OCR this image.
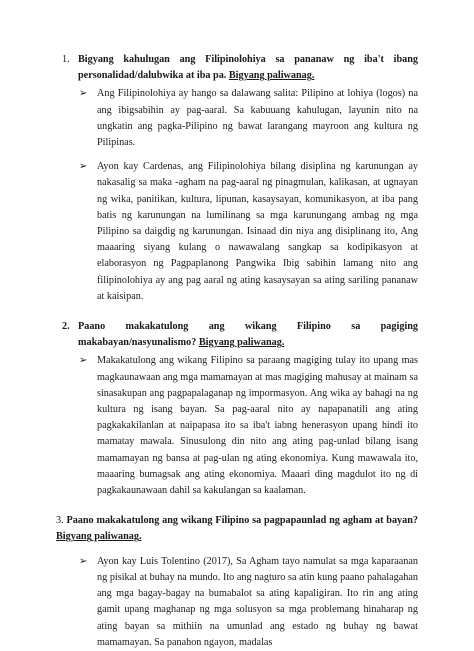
1. Bigyang kahulugan ang Filipinolohiya sa pananaw ng iba't ibang personalidad/dalubwika at iba pa. Bigyang paliwanag.
➢ Ang Filipinolohiya ay hango sa dalawang salita: Pilipino at lohiya (logos) na ang ibigsabihin ay pag-aaral. Sa kabuuang kahulugan, layunin nito na ungkatin ang pagka-Pilipino ng bawat larangang mayroon ang kultura ng Pilipinas.
➢ Ayon kay Cardenas, ang Filipinolohiya bilang disiplina ng karunungan ay nakasalig sa maka -agham na pag-aaral ng pinagmulan, kalikasan, at ugnayan ng wika, panitikan, kultura, lipunan, kasaysayan, komunikasyon, at iba pang batis ng karunungan na lumilinang sa mga karunungang ambag ng mga Pilipino sa daigdig ng karunungan. Isinaad din niya ang disiplinang ito, Ang maaaring siyang kulang o nawawalang sangkap sa kodipikasyon at elaborasyon ng Pagpaplanong Pangwika Ibig sabihin lamang nito ang filipinolohiya ay ang pag aaral ng ating kasaysayan sa ating sariling pananaw at kaisipan.
2. Paano makakatulong ang wikang Filipino sa pagiging makabayan/nasyunalismo? Bigyang paliwanag.
➢ Makakatulong ang wikang Filipino sa paraang magiging tulay ito upang mas magkaunawaan ang mga mamamayan at mas magiging mahusay at mainam sa sinasakupan ang pagpapalaganap ng impormasyon. Ang wika ay bahagi na ng kultura ng isang bayan. Sa pag-aaral nito ay napapanatili ang ating pagkakakilanlan at naipapasa ito sa iba't iabng henerasyon upang hindi ito mamatay mawala. Sinusulong din nito ang ating pag-unlad bilang isang mamamayan ng bansa at pag-ulan ng ating ekonomiya. Kung mawawala ito, maaaring bumagsak ang ating ekonomiya. Maaari ding magdulot ito ng di pagkakaunawaan dahil sa kakulangan sa kaalaman.
3. Paano makakatulong ang wikang Filipino sa pagpapaunlad ng agham at bayan? Bigyang paliwanag.
➢ Ayon kay Luis Tolentino (2017), Sa Agham tayo namulat sa mga kaparaanan ng pisikal at buhay na mundo. Ito ang nagturo sa atin kung paano pahalagahan ang mga bagay-bagay na bumabalot sa ating kapaligiran. Ito rin ang ating gamit upang maghanap ng mga solusyon sa mga problemang hinaharap ng ating bayan sa mithiin na umunlad ang estado ng buhay ng bawat mamamayan. Sa panahon ngayon, madalas
